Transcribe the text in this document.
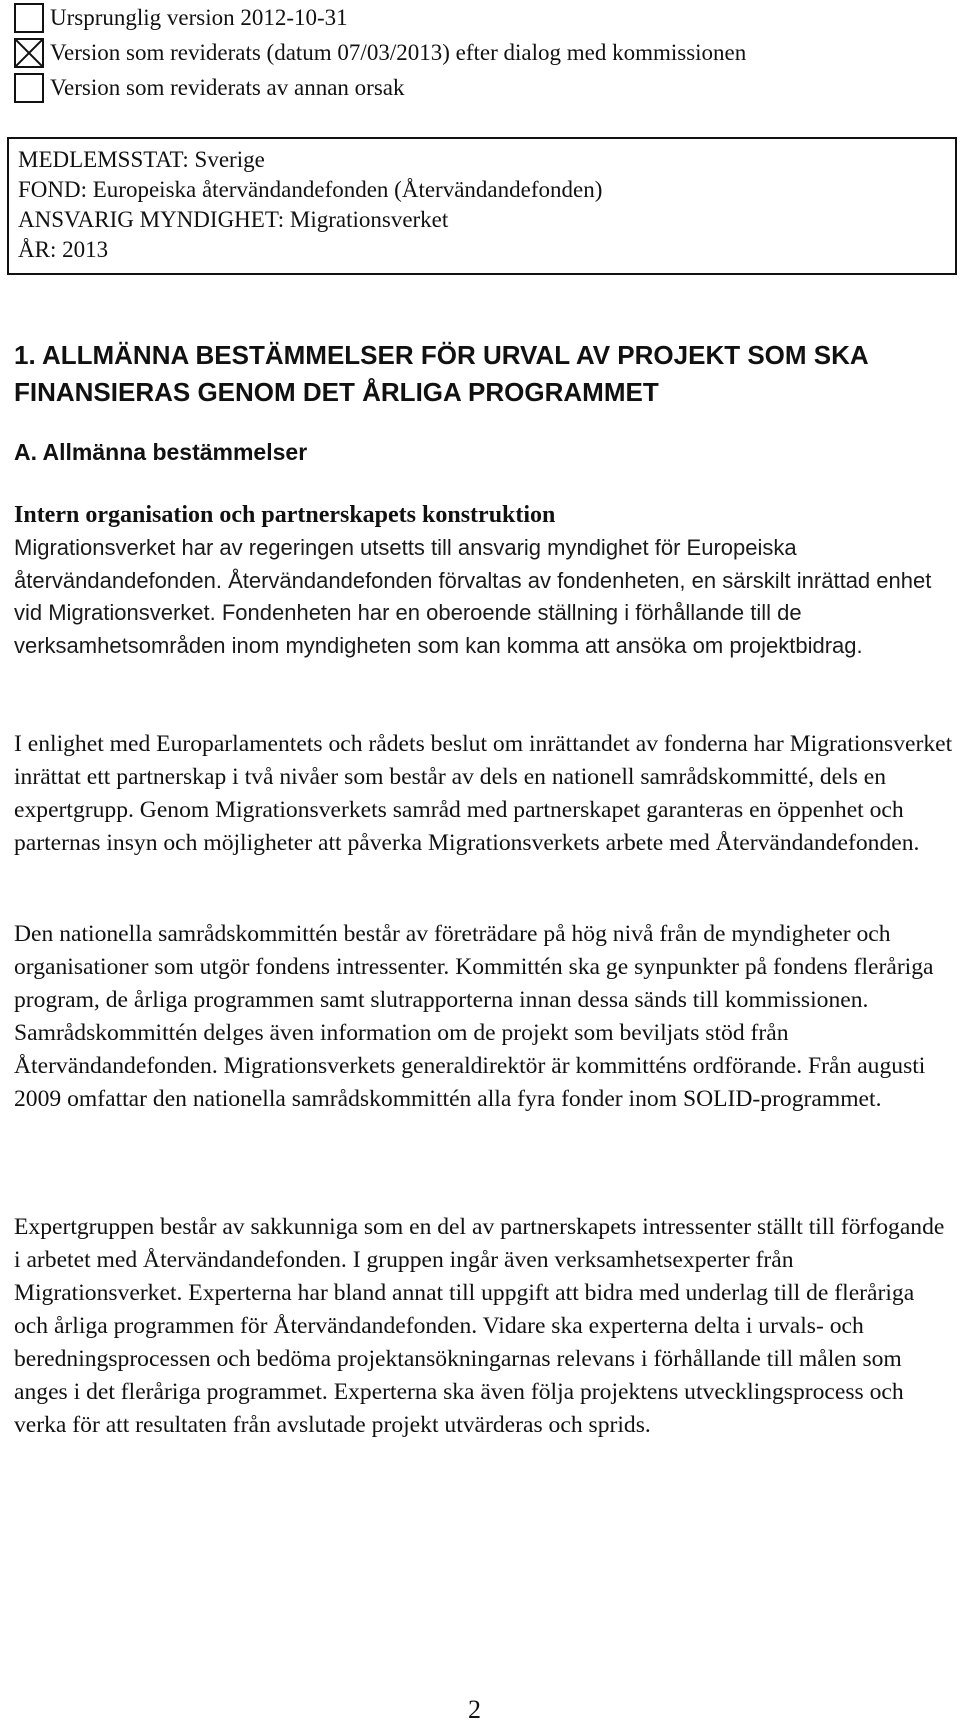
Ursprunglig version 2012-10-31
Version som reviderats (datum 07/03/2013) efter dialog med kommissionen
Version som reviderats av annan orsak
MEDLEMSSTAT: Sverige
FOND: Europeiska återvändandefonden (Återvändandefonden)
ANSVARIG MYNDIGHET: Migrationsverket
ÅR: 2013
1. ALLMÄNNA BESTÄMMELSER FÖR URVAL AV PROJEKT SOM SKA FINANSIERAS GENOM DET ÅRLIGA PROGRAMMET
A. Allmänna bestämmelser
Intern organisation och partnerskapets konstruktion
Migrationsverket har av regeringen utsetts till ansvarig myndighet för Europeiska återvändandefonden. Återvändandefonden förvaltas av fondenheten, en särskilt inrättad enhet vid Migrationsverket. Fondenheten har en oberoende ställning i förhållande till de verksamhetsområden inom myndigheten som kan komma att ansöka om projektbidrag.
I enlighet med Europarlamentets och rådets beslut om inrättandet av fonderna har Migrationsverket inrättat ett partnerskap i två nivåer som består av dels en nationell samrådskommitté, dels en expertgrupp. Genom Migrationsverkets samråd med partnerskapet garanteras en öppenhet och parternas insyn och möjligheter att påverka Migrationsverkets arbete med Återvändandefonden.
Den nationella samrådskommittén består av företrädare på hög nivå från de myndigheter och organisationer som utgör fondens intressenter. Kommittén ska ge synpunkter på fondens fleråriga program, de årliga programmen samt slutrapporterna innan dessa sänds till kommissionen. Samrådskommittén delges även information om de projekt som beviljats stöd från Återvändandefonden. Migrationsverkets generaldirektör är kommitténs ordförande. Från augusti 2009 omfattar den nationella samrådskommittén alla fyra fonder inom SOLID-programmet.
Expertgruppen består av sakkunniga som en del av partnerskapets intressenter ställt till förfogande i arbetet med Återvändandefonden. I gruppen ingår även verksamhetsexperter från Migrationsverket. Experterna har bland annat till uppgift att bidra med underlag till de fleråriga och årliga programmen för Återvändandefonden. Vidare ska experterna delta i urvals- och beredningsprocessen och bedöma projektansökningarnas relevans i förhållande till målen som anges i det fleråriga programmet. Experterna ska även följa projektens utvecklingsprocess och verka för att resultaten från avslutade projekt utvärderas och sprids.
2
